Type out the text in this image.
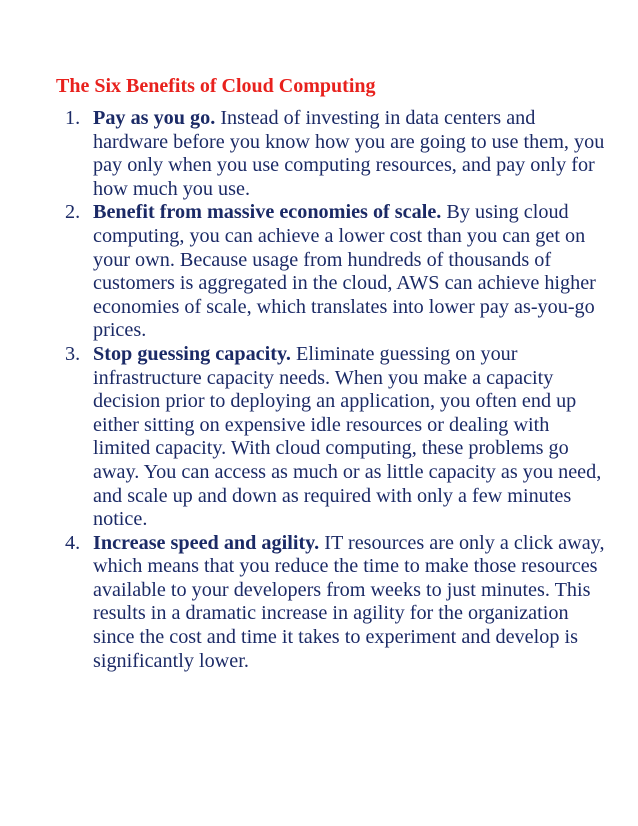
The Six Benefits of Cloud Computing
1. Pay as you go. Instead of investing in data centers and hardware before you know how you are going to use them, you pay only when you use computing resources, and pay only for how much you use.
2. Benefit from massive economies of scale. By using cloud computing, you can achieve a lower cost than you can get on your own. Because usage from hundreds of thousands of customers is aggregated in the cloud, AWS can achieve higher economies of scale, which translates into lower pay as-you-go prices.
3. Stop guessing capacity. Eliminate guessing on your infrastructure capacity needs. When you make a capacity decision prior to deploying an application, you often end up either sitting on expensive idle resources or dealing with limited capacity. With cloud computing, these problems go away. You can access as much or as little capacity as you need, and scale up and down as required with only a few minutes notice.
4. Increase speed and agility. IT resources are only a click away, which means that you reduce the time to make those resources available to your developers from weeks to just minutes. This results in a dramatic increase in agility for the organization since the cost and time it takes to experiment and develop is significantly lower.
